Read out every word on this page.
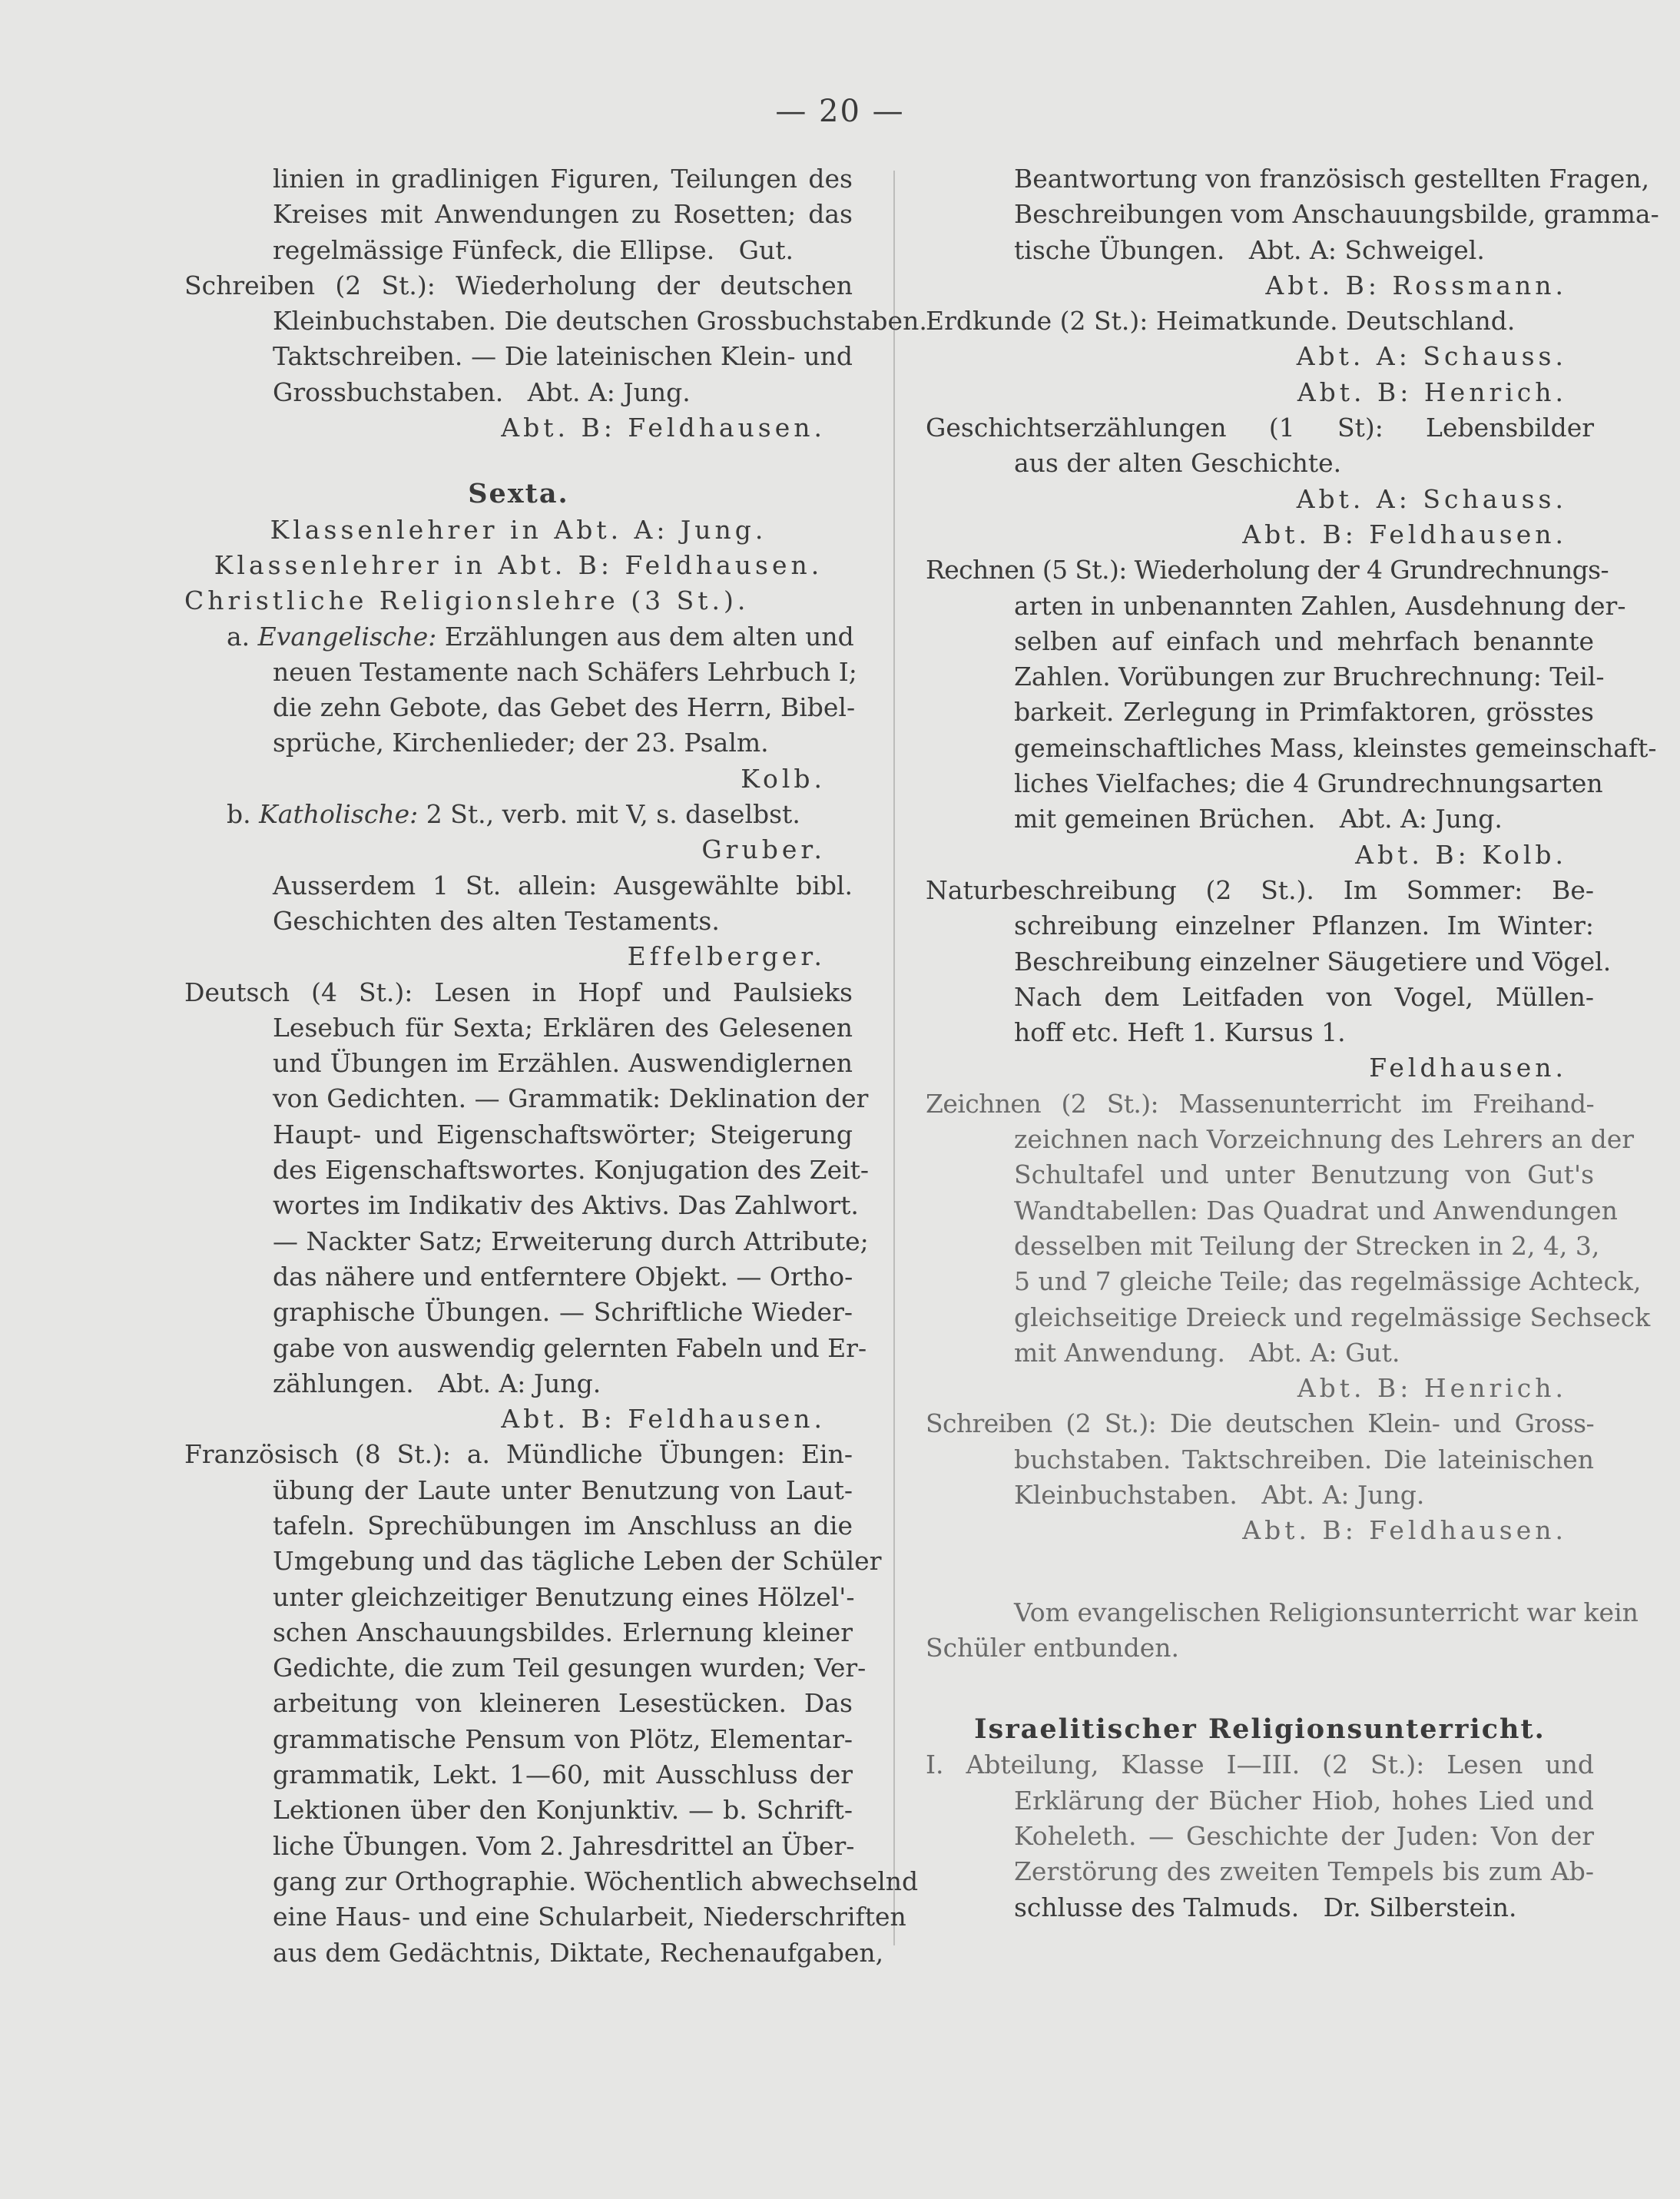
— 20 —
linien in gradlinigen Figuren, Teilungen des
Kreises mit Anwendungen zu Rosetten; das
regelmässige Fünfeck, die Ellipse.   Gut.
Schreiben (2 St.): Wiederholung der deutschen
Kleinbuchstaben. Die deutschen Grossbuchstaben.
Taktschreiben. — Die lateinischen Klein- und
Grossbuchstaben.   Abt. A: Jung.
Abt. B: Feldhausen.
Sexta.
Klassenlehrer in Abt. A: Jung.
Klassenlehrer in Abt. B: Feldhausen.
Christliche Religionslehre (3 St.).
a. Evangelische: Erzählungen aus dem alten und
neuen Testamente nach Schäfers Lehrbuch I;
die zehn Gebote, das Gebet des Herrn, Bibel-
sprüche, Kirchenlieder; der 23. Psalm.
Kolb.
b. Katholische: 2 St., verb. mit V, s. daselbst.
Gruber.
Ausserdem 1 St. allein: Ausgewählte bibl.
Geschichten des alten Testaments.
Effelberger.
Deutsch (4 St.): Lesen in Hopf und Paulsieks
Lesebuch für Sexta; Erklären des Gelesenen
und Übungen im Erzählen. Auswendiglernen
von Gedichten. — Grammatik: Deklination der
Haupt- und Eigenschaftswörter; Steigerung
des Eigenschaftswortes. Konjugation des Zeit-
wortes im Indikativ des Aktivs. Das Zahlwort.
— Nackter Satz; Erweiterung durch Attribute;
das nähere und entferntere Objekt. — Ortho-
graphische Übungen. — Schriftliche Wieder-
gabe von auswendig gelernten Fabeln und Er-
zählungen.   Abt. A: Jung.
Abt. B: Feldhausen.
Französisch (8 St.): a. Mündliche Übungen: Ein-
übung der Laute unter Benutzung von Laut-
tafeln. Sprechübungen im Anschluss an die
Umgebung und das tägliche Leben der Schüler
unter gleichzeitiger Benutzung eines Hölzel'-
schen Anschauungsbildes. Erlernung kleiner
Gedichte, die zum Teil gesungen wurden; Ver-
arbeitung von kleineren Lesestücken. Das
grammatische Pensum von Plötz, Elementar-
grammatik, Lekt. 1—60, mit Ausschluss der
Lektionen über den Konjunktiv. — b. Schrift-
liche Übungen. Vom 2. Jahresdrittel an Über-
gang zur Orthographie. Wöchentlich abwechselnd
eine Haus- und eine Schularbeit, Niederschriften
aus dem Gedächtnis, Diktate, Rechenaufgaben,
Beantwortung von französisch gestellten Fragen,
Beschreibungen vom Anschauungsbilde, gramma-
tische Übungen.   Abt. A: Schweigel.
Abt. B: Rossmann.
Erdkunde (2 St.): Heimatkunde. Deutschland.
Abt. A: Schauss.
Abt. B: Henrich.
Geschichtserzählungen (1 St): Lebensbilder
aus der alten Geschichte.
Abt. A: Schauss.
Abt. B: Feldhausen.
Rechnen (5 St.): Wiederholung der 4 Grundrechnungs-
arten in unbenannten Zahlen, Ausdehnung der-
selben auf einfach und mehrfach benannte
Zahlen. Vorübungen zur Bruchrechnung: Teil-
barkeit. Zerlegung in Primfaktoren, grösstes
gemeinschaftliches Mass, kleinstes gemeinschaft-
liches Vielfaches; die 4 Grundrechnungsarten
mit gemeinen Brüchen.   Abt. A: Jung.
Abt. B: Kolb.
Naturbeschreibung (2 St.). Im Sommer: Be-
schreibung einzelner Pflanzen. Im Winter:
Beschreibung einzelner Säugetiere und Vögel.
Nach dem Leitfaden von Vogel, Müllen-
hoff etc. Heft 1. Kursus 1.
Feldhausen.
Zeichnen (2 St.): Massenunterricht im Freihand-
zeichnen nach Vorzeichnung des Lehrers an der
Schultafel und unter Benutzung von Gut's
Wandtabellen: Das Quadrat und Anwendungen
desselben mit Teilung der Strecken in 2, 4, 3,
5 und 7 gleiche Teile; das regelmässige Achteck,
gleichseitige Dreieck und regelmässige Sechseck
mit Anwendung.   Abt. A: Gut.
Abt. B: Henrich.
Schreiben (2 St.): Die deutschen Klein- und Gross-
buchstaben. Taktschreiben. Die lateinischen
Kleinbuchstaben.   Abt. A: Jung.
Abt. B: Feldhausen.
Vom evangelischen Religionsunterricht war kein
Schüler entbunden.
Israelitischer Religionsunterricht.
I. Abteilung, Klasse I—III. (2 St.): Lesen und
Erklärung der Bücher Hiob, hohes Lied und
Koheleth. — Geschichte der Juden: Von der
Zerstörung des zweiten Tempels bis zum Ab-
schlusse des Talmuds.   Dr. Silberstein.
